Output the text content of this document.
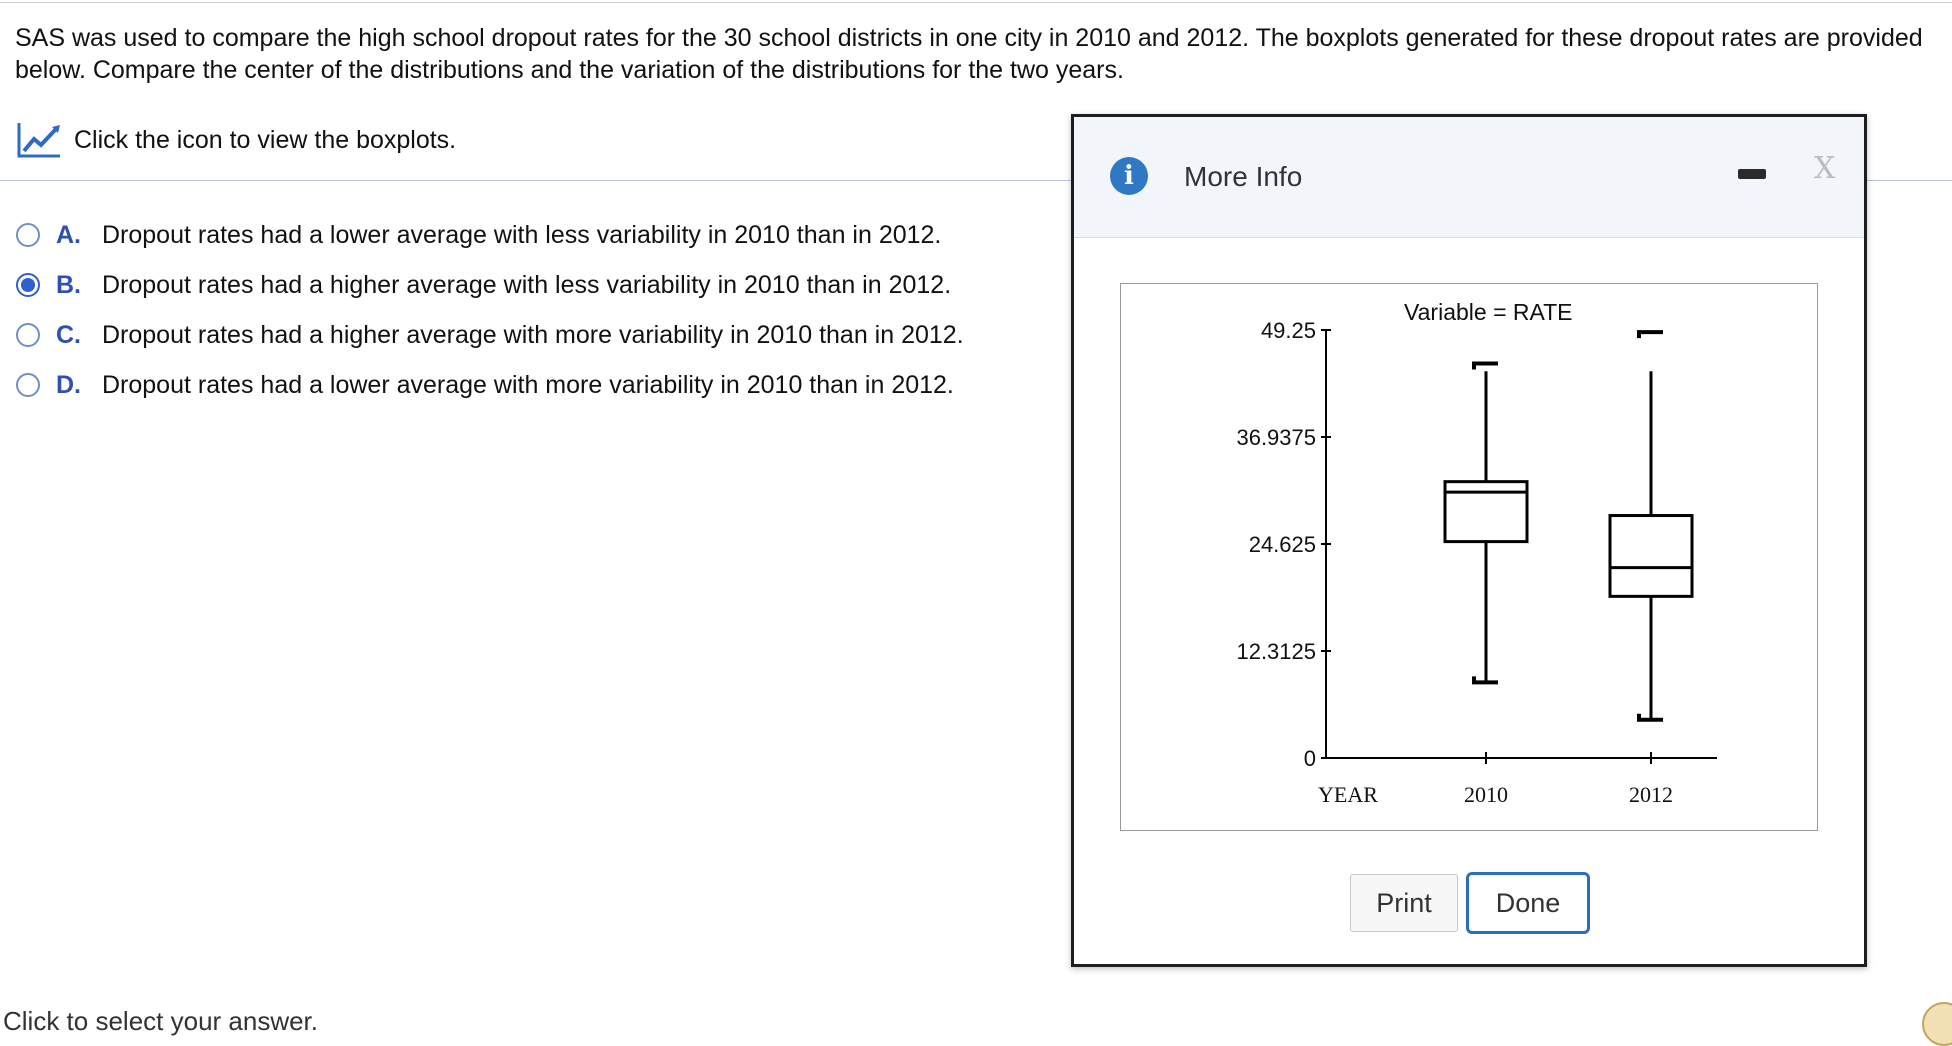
SAS was used to compare the high school dropout rates for the 30 school districts in one city in 2010 and 2012. The boxplots generated for these dropout rates are provided below. Compare the center of the distributions and the variation of the distributions for the two years.
Click the icon to view the boxplots.
A. Dropout rates had a lower average with less variability in 2010 than in 2012.
B. Dropout rates had a higher average with less variability in 2010 than in 2012.
C. Dropout rates had a higher average with more variability in 2010 than in 2012.
D. Dropout rates had a lower average with more variability in 2010 than in 2012.
Click to select your answer.
i	More Info	X
Variable = RATE
49.25
36.9375
24.625
12.3125
0
YEAR	2010	2012
Print	Done
